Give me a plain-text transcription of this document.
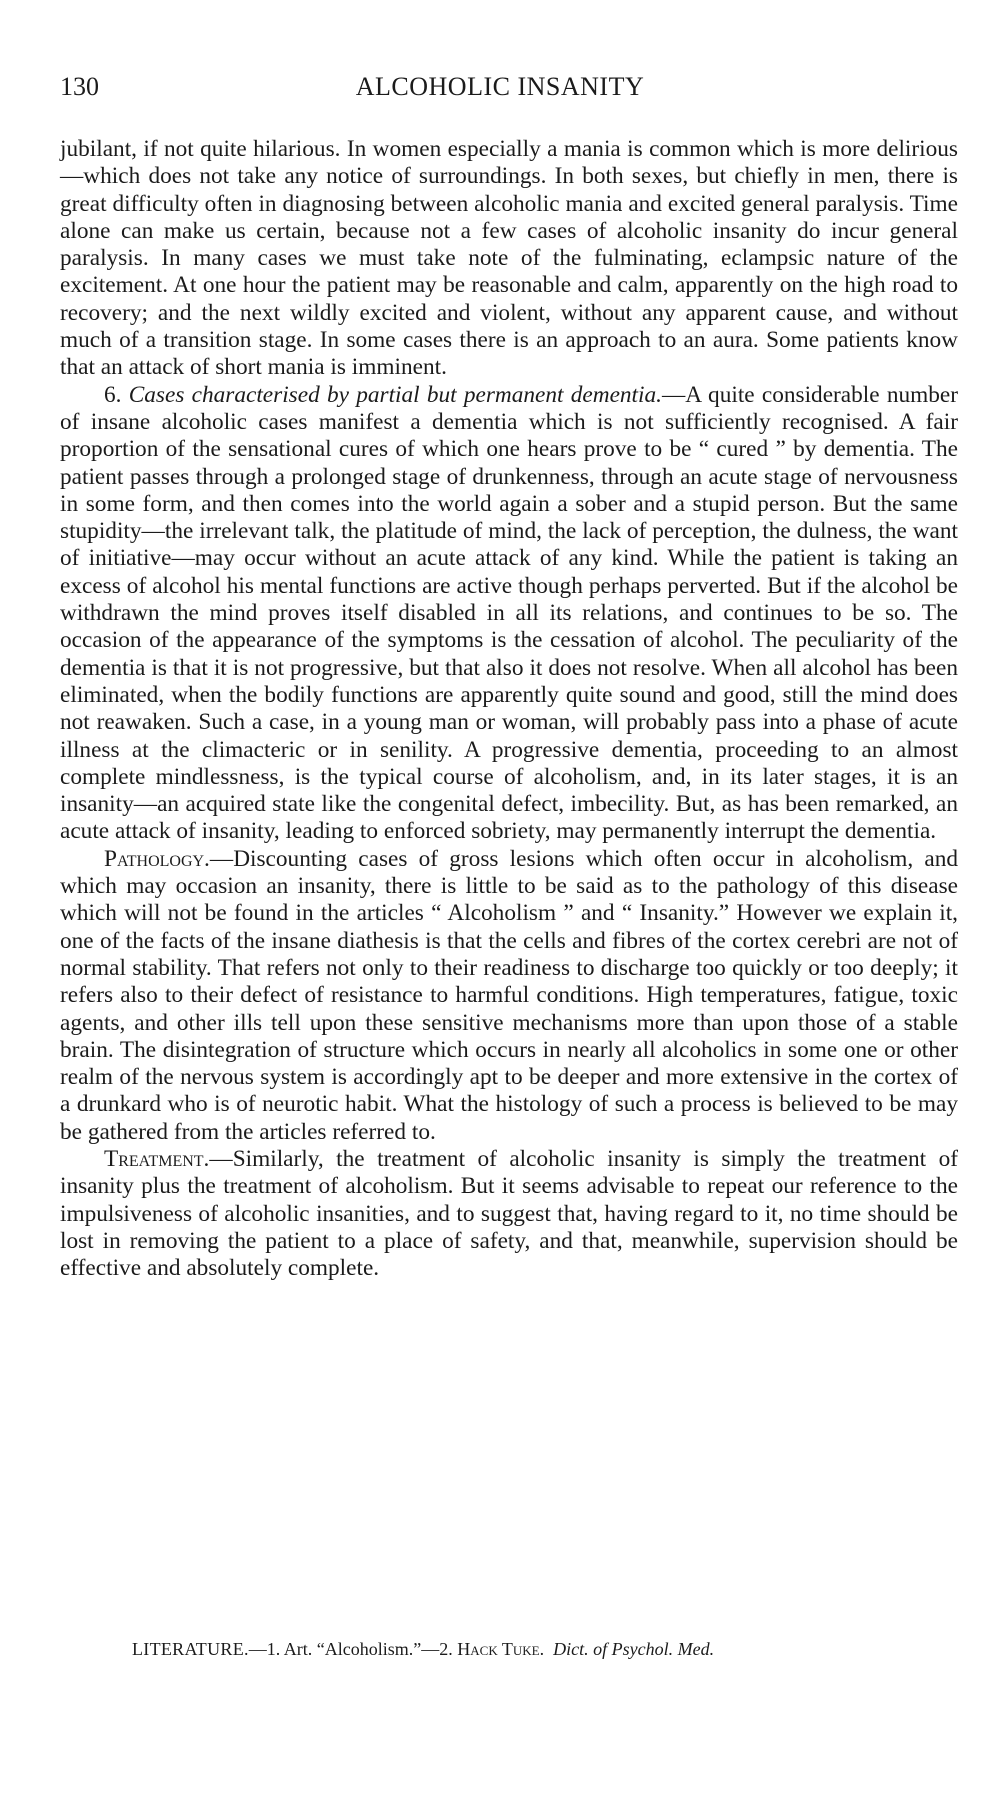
130	ALCOHOLIC INSANITY

jubilant, if not quite hilarious. In women especially a mania is common which is more delirious—which does not take any notice of surroundings. In both sexes, but chiefly in men, there is great difficulty often in diagnosing between alcoholic mania and excited general paralysis. Time alone can make us certain, because not a few cases of alcoholic insanity do incur general paralysis. In many cases we must take note of the fulminating, eclampsic nature of the excitement. At one hour the patient may be reasonable and calm, apparently on the high road to recovery; and the next wildly excited and violent, without any apparent cause, and without much of a transition stage. In some cases there is an approach to an aura. Some patients know that an attack of short mania is imminent.

6. Cases characterised by partial but permanent dementia.—A quite considerable number of insane alcoholic cases manifest a dementia which is not sufficiently recognised. A fair proportion of the sensational cures of which one hears prove to be “ cured ” by dementia. The patient passes through a prolonged stage of drunkenness, through an acute stage of nervousness in some form, and then comes into the world again a sober and a stupid person. But the same stupidity—the irrelevant talk, the platitude of mind, the lack of perception, the dulness, the want of initiative—may occur without an acute attack of any kind. While the patient is taking an excess of alcohol his mental functions are active though perhaps perverted. But if the alcohol be withdrawn the mind proves itself disabled in all its relations, and continues to be so. The occasion of the appearance of the symptoms is the cessation of alcohol. The peculiarity of the dementia is that it is not progressive, but that also it does not resolve. When all alcohol has been eliminated, when the bodily functions are apparently quite sound and good, still the mind does not reawaken. Such a case, in a young man or woman, will probably pass into a phase of acute illness at the climacteric or in senility. A progressive dementia, proceeding to an almost complete mindlessness, is the typical course of alcoholism, and, in its later stages, it is an insanity—an acquired state like the congenital defect, imbecility. But, as has been remarked, an acute attack of insanity, leading to enforced sobriety, may permanently interrupt the dementia.

Pathology.—Discounting cases of gross lesions which often occur in alcoholism, and which may occasion an insanity, there is little to be said as to the pathology of this disease which will not be found in the articles “ Alcoholism ” and “ Insanity.” However we explain it, one of the facts of the insane diathesis is that the cells and fibres of the cortex cerebri are not of normal stability. That refers not only to their readiness to discharge too quickly or too deeply; it refers also to their defect of resistance to harmful conditions. High temperatures, fatigue, toxic agents, and other ills tell upon these sensitive mechanisms more than upon those of a stable brain. The disintegration of structure which occurs in nearly all alcoholics in some one or other realm of the nervous system is accordingly apt to be deeper and more extensive in the cortex of a drunkard who is of neurotic habit. What the histology of such a process is believed to be may be gathered from the articles referred to.

Treatment.—Similarly, the treatment of alcoholic insanity is simply the treatment of insanity plus the treatment of alcoholism. But it seems advisable to repeat our reference to the impulsiveness of alcoholic insanities, and to suggest that, having regard to it, no time should be lost in removing the patient to a place of safety, and that, meanwhile, supervision should be effective and absolutely complete.

LITERATURE.—1. Art. “Alcoholism.”—2. Hack Tuke. Dict. of Psychol. Med.
